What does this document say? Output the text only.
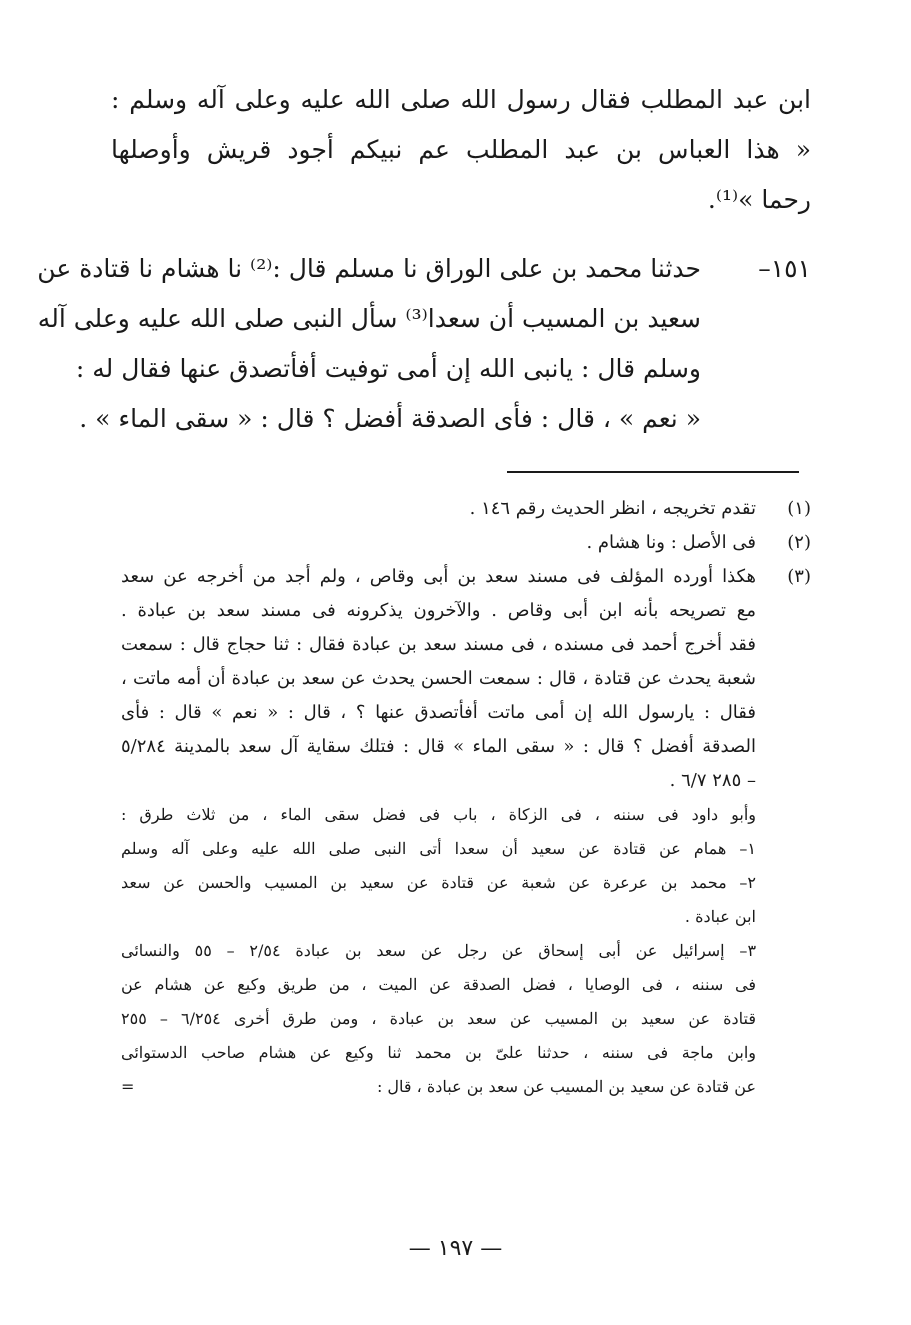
ابن عبد المطلب فقال رسول الله صلى الله عليه وعلى آله وسلم :
« هذا العباس بن عبد المطلب عم نبيكم أجود قريش وأوصلها
رحما »⁽¹⁾.
١٥١–
حدثنا محمد بن على الوراق نا مسلم قال :⁽²⁾ نا هشام نا قتادة عن
سعيد بن المسيب أن سعدا⁽³⁾ سأل النبى صلى الله عليه وعلى آله
وسلم قال : يانبى الله إن أمى توفيت أفأتصدق عنها فقال له :
« نعم » ، قال : فأى الصدقة أفضل ؟ قال : « سقى الماء » .
(١)
تقدم تخريجه ، انظر الحديث رقم ١٤٦ .
(٢)
فى الأصل : ونا هشام .
(٣)
هكذا أورده المؤلف فى مسند سعد بن أبى وقاص ، ولم أجد من أخرجه عن سعد
مع تصريحه بأنه ابن أبى وقاص . والآخرون يذكرونه فى مسند سعد بن عبادة .
فقد أخرج أحمد فى مسنده ، فى مسند سعد بن عبادة فقال : ثنا حجاج قال : سمعت
شعبة يحدث عن قتادة ، قال : سمعت الحسن يحدث عن سعد بن عبادة أن أمه ماتت ،
فقال : يارسول الله إن أمى ماتت أفأتصدق عنها ؟ ، قال : « نعم » قال : فأى
الصدقة أفضل ؟ قال : « سقى الماء » قال : فتلك سقاية آل سعد بالمدينة ٥/٢٨٤
– ٢٨٥ ٦/٧ .
وأبو داود فى سننه ، فى الزكاة ، باب فى فضل سقى الماء ، من ثلاث طرق :
١– همام عن قتادة عن سعيد أن سعدا أتى النبى صلى الله عليه وعلى آله وسلم
٢– محمد بن عرعرة عن شعبة عن قتادة عن سعيد بن المسيب والحسن عن سعد
ابن عبادة .
٣– إسرائيل عن أبى إسحاق عن رجل عن سعد بن عبادة ٢/٥٤ – ٥٥ والنسائى
فى سننه ، فى الوصايا ، فضل الصدقة عن الميت ، من طريق وكيع عن هشام عن
قتادة عن سعيد بن المسيب عن سعد بن عبادة ، ومن طرق أخرى ٦/٢٥٤ – ٢٥٥
وابن ماجة فى سننه ، حدثنا علىّ بن محمد ثنا وكيع عن هشام صاحب الدستوائى
عن قتادة عن سعيد بن المسيب عن سعد بن عبادة ، قال :
=
— ١٩٧ —
